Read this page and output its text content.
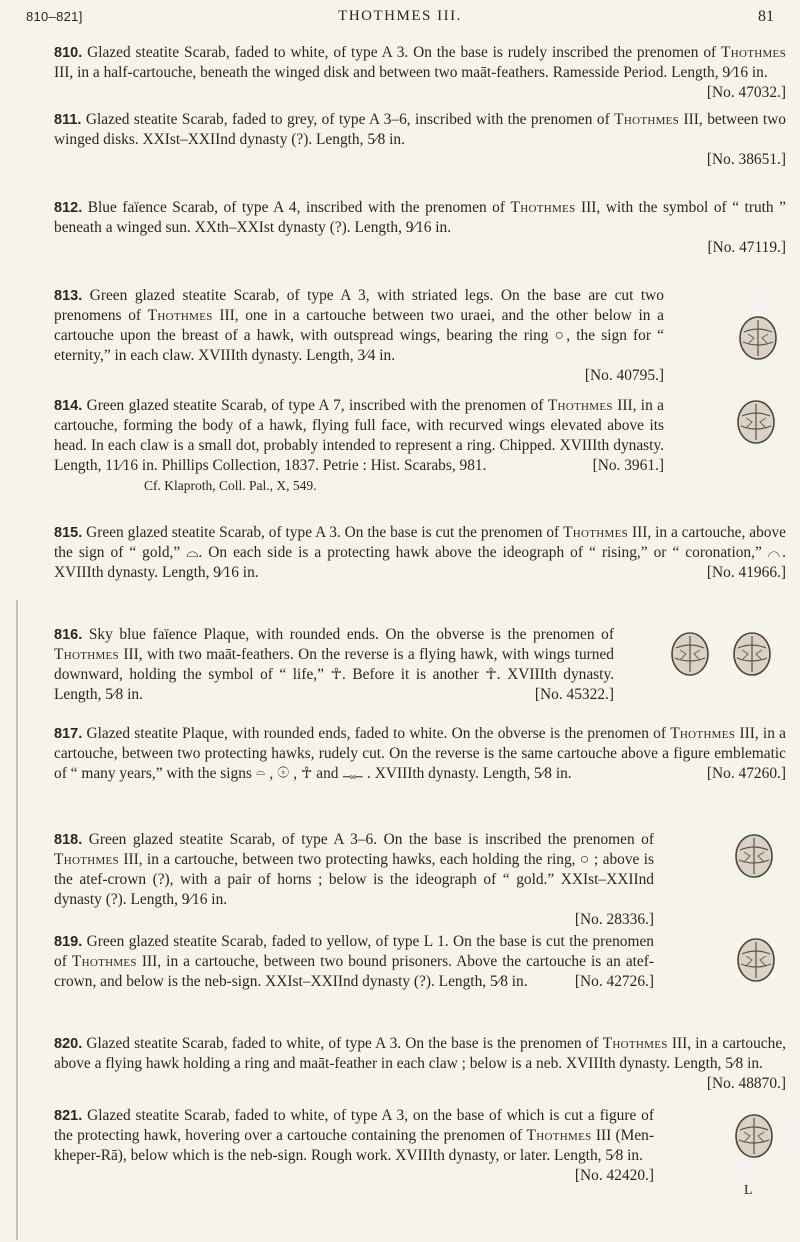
810–821]	THOTHMES III.	81
810. Glazed steatite Scarab, faded to white, of type A 3. On the base is rudely inscribed the prenomen of Thothmes III, in a half-cartouche, beneath the winged disk and between two maāt-feathers. Ramesside Period. Length, 9⁄16 in.
[No. 47032.]
811. Glazed steatite Scarab, faded to grey, of type A 3–6, inscribed with the prenomen of Thothmes III, between two winged disks. XXIst–XXIInd dynasty (?). Length, 5⁄8 in.
[No. 38651.]
812. Blue faïence Scarab, of type A 4, inscribed with the prenomen of Thothmes III, with the symbol of “ truth ” beneath a winged sun. XXth–XXIst dynasty (?). Length, 9⁄16 in.
[No. 47119.]
813. Green glazed steatite Scarab, of type A 3, with striated legs. On the base are cut two prenomens of Thothmes III, one in a cartouche between two uraei, and the other below in a cartouche upon the breast of a hawk, with outspread wings, bearing the ring ○, the sign for “ eternity,” in each claw. XVIIIth dynasty. Length, 3⁄4 in.
[No. 40795.]
814. Green glazed steatite Scarab, of type A 7, inscribed with the prenomen of Thothmes III, in a cartouche, forming the body of a hawk, flying full face, with recurved wings elevated above its head. In each claw is a small dot, probably intended to represent a ring. Chipped. XVIIIth dynasty. Length, 11⁄16 in. Phillips Collection, 1837. Petrie : Hist. Scarabs, 981.	[No. 3961.]
Cf. Klaproth, Coll. Pal., X, 549.
815. Green glazed steatite Scarab, of type A 3. On the base is cut the prenomen of Thothmes III, in a cartouche, above the sign of “ gold,” ⌓. On each side is a protecting hawk above the ideograph of “ rising,” or “ coronation,” ⌒. XVIIIth dynasty. Length, 9⁄16 in.	[No. 41966.]
816. Sky blue faïence Plaque, with rounded ends. On the obverse is the prenomen of Thothmes III, with two maāt-feathers. On the reverse is a flying hawk, with wings turned downward, holding the symbol of “ life,” ☥. Before it is another ☥. XVIIIth dynasty. Length, 5⁄8 in.	[No. 45322.]
817. Glazed steatite Plaque, with rounded ends, faded to white. On the obverse is the prenomen of Thothmes III, in a cartouche, between two protecting hawks, rudely cut. On the reverse is the same cartouche above a figure emblematic of “ many years,” with the signs 𓏏 , 𓇳 , ☥ and 𓊃 . XVIIIth dynasty. Length, 5⁄8 in.	[No. 47260.]
818. Green glazed steatite Scarab, of type A 3–6. On the base is inscribed the prenomen of Thothmes III, in a cartouche, between two protecting hawks, each holding the ring, ○ ; above is the atef-crown (?), with a pair of horns ; below is the ideograph of “ gold.” XXIst–XXIInd dynasty (?). Length, 9⁄16 in.
[No. 28336.]
819. Green glazed steatite Scarab, faded to yellow, of type L 1. On the base is cut the prenomen of Thothmes III, in a cartouche, between two bound prisoners. Above the cartouche is an atef-crown, and below is the neb-sign. XXIst–XXIInd dynasty (?). Length, 5⁄8 in.	[No. 42726.]
820. Glazed steatite Scarab, faded to white, of type A 3. On the base is the prenomen of Thothmes III, in a cartouche, above a flying hawk holding a ring and maāt-feather in each claw ; below is a neb. XVIIIth dynasty. Length, 5⁄8 in.
[No. 48870.]
821. Glazed steatite Scarab, faded to white, of type A 3, on the base of which is cut a figure of the protecting hawk, hovering over a cartouche containing the prenomen of Thothmes III (Men-kheper-Rā), below which is the neb-sign. Rough work. XVIIIth dynasty, or later. Length, 5⁄8 in.
[No. 42420.]
L
